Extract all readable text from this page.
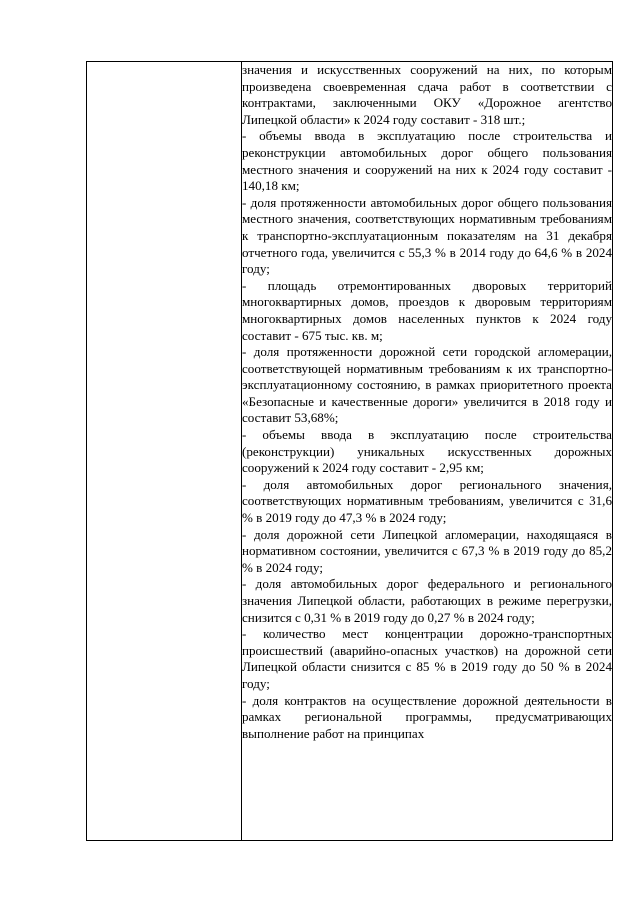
значения и искусственных сооружений на них, по которым произведена своевременная сдача работ в соответствии с контрактами, заключенными ОКУ «Дорожное агентство Липецкой области» к 2024 году составит - 318 шт.;

- объемы ввода в эксплуатацию после строительства и реконструкции автомобильных дорог общего пользования местного значения и сооружений на них к 2024 году составит - 140,18 км;

- доля протяженности автомобильных дорог общего пользования местного значения, соответствующих нормативным требованиям к транспортно-эксплуатационным показателям на 31 декабря отчетного года, увеличится с 55,3 % в 2014 году до 64,6 % в 2024 году;

- площадь отремонтированных дворовых территорий многоквартирных домов, проездов к дворовым территориям многоквартирных домов населенных пунктов к 2024 году составит - 675 тыс. кв. м;

- доля протяженности дорожной сети городской агломерации, соответствующей нормативным требованиям к их транспортно-эксплуатационному состоянию, в рамках приоритетного проекта «Безопасные и качественные дороги» увеличится в 2018 году и составит 53,68%;

- объемы ввода в эксплуатацию после строительства (реконструкции) уникальных искусственных дорожных сооружений к 2024 году составит - 2,95 км;

- доля автомобильных дорог регионального значения, соответствующих нормативным требованиям, увеличится с 31,6 % в 2019 году до 47,3 % в 2024 году;

- доля дорожной сети Липецкой агломерации, находящаяся в нормативном состоянии, увеличится с 67,3 % в 2019 году до 85,2 % в 2024 году;

- доля автомобильных дорог федерального и регионального значения Липецкой области, работающих в режиме перегрузки, снизится с 0,31 % в 2019 году до 0,27 % в 2024 году;

- количество мест концентрации дорожно-транспортных происшествий (аварийно-опасных участков) на дорожной сети Липецкой области снизится с 85 % в 2019 году до 50 % в 2024 году;

- доля контрактов на осуществление дорожной деятельности в рамках региональной программы, предусматривающих выполнение работ на принципах
